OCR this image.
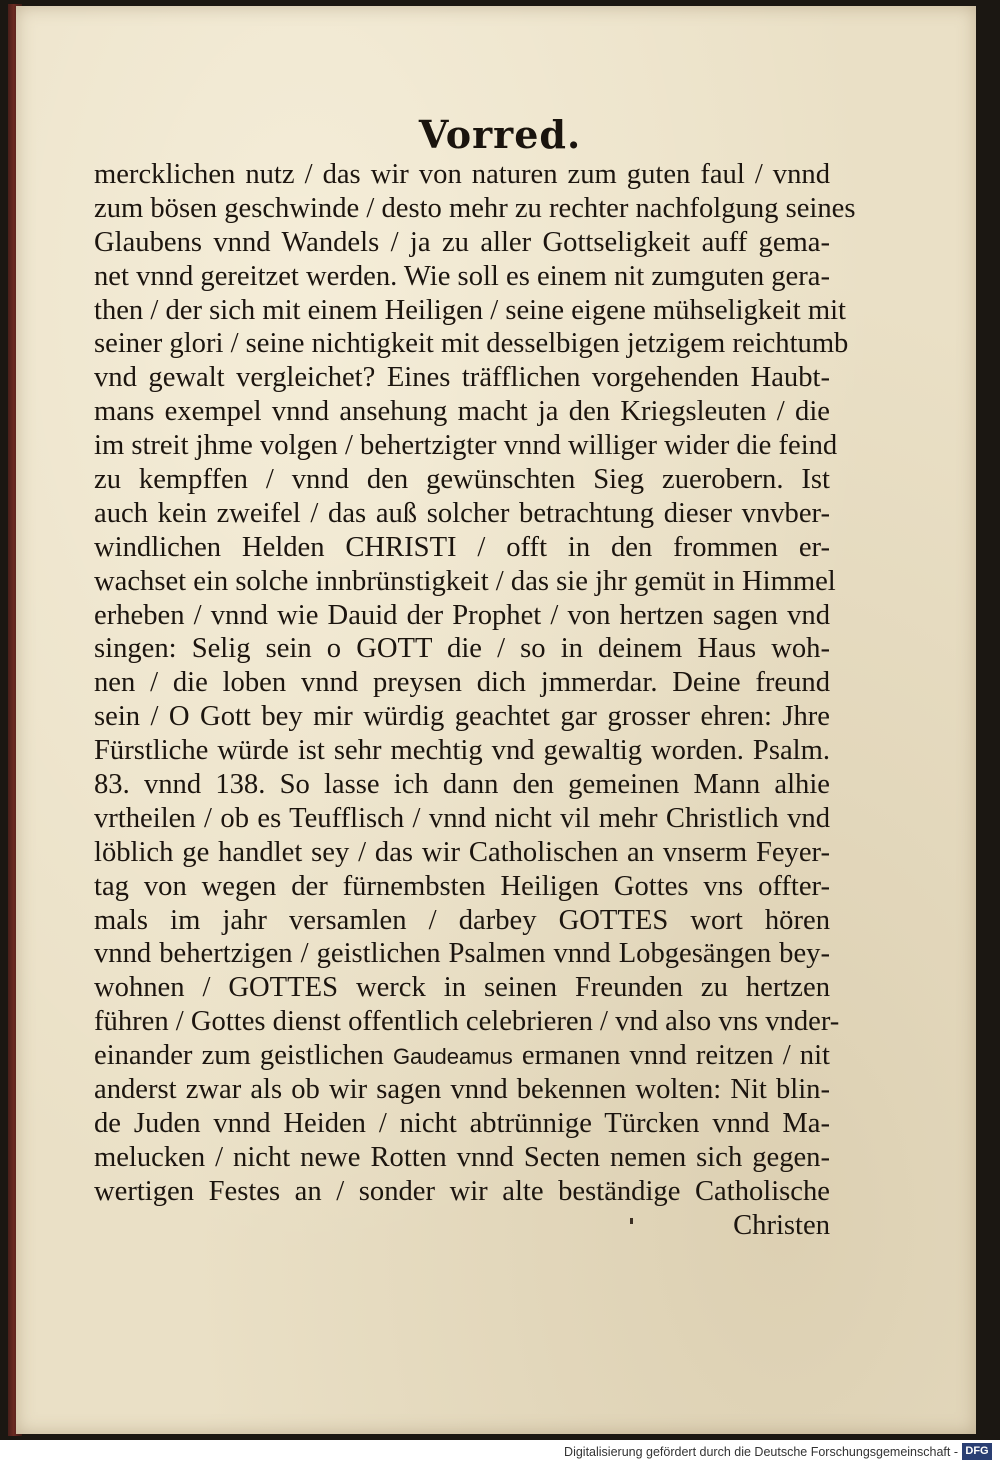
Vorred.
mercklichen nutz / das wir von naturen zum guten faul / vnnd
zum bösen geschwinde / desto mehr zu rechter nachfolgung seines
Glaubens vnnd Wandels / ja zu aller Gottseligkeit auff gema-
net vnnd gereitzet werden. Wie soll es einem nit zumguten gera-
then / der sich mit einem Heiligen / seine eigene mühseligkeit mit
seiner glori / seine nichtigkeit mit desselbigen jetzigem reichtumb
vnd gewalt vergleichet? Eines träfflichen vorgehenden Haubt-
mans exempel vnnd ansehung macht ja den Kriegsleuten / die
im streit jhme volgen / behertzigter vnnd williger wider die feind
zu kempffen / vnnd den gewünschten Sieg zuerobern. Ist
auch kein zweifel / das auß solcher betrachtung dieser vnvber-
windlichen Helden CHRISTI / offt in den frommen er-
wachset ein solche innbrünstigkeit / das sie jhr gemüt in Himmel
erheben / vnnd wie Dauid der Prophet / von hertzen sagen vnd
singen: Selig sein o GOTT die / so in deinem Haus woh-
nen / die loben vnnd preysen dich jmmerdar. Deine freund
sein / O Gott bey mir würdig geachtet gar grosser ehren: Jhre
Fürstliche würde ist sehr mechtig vnd gewaltig worden. Psalm.
83. vnnd 138. So lasse ich dann den gemeinen Mann alhie
vrtheilen / ob es Teufflisch / vnnd nicht vil mehr Christlich vnd
löblich ge handlet sey / das wir Catholischen an vnserm Feyer-
tag von wegen der fürnembsten Heiligen Gottes vns offter-
mals im jahr versamlen / darbey GOTTES wort hören
vnnd behertzigen / geistlichen Psalmen vnnd Lobgesängen bey-
wohnen / GOTTES werck in seinen Freunden zu hertzen
führen / Gottes dienst offentlich celebrieren / vnd also vns vnder-
einander zum geistlichen Gaudeamus ermanen vnnd reitzen / nit
anderst zwar als ob wir sagen vnnd bekennen wolten: Nit blin-
de Juden vnnd Heiden / nicht abtrünnige Türcken vnnd Ma-
melucken / nicht newe Rotten vnnd Secten nemen sich gegen-
wertigen Festes an / sonder wir alte beständige Catholische
Christen
Digitalisierung gefördert durch die Deutsche Forschungsgemeinschaft - DFG
